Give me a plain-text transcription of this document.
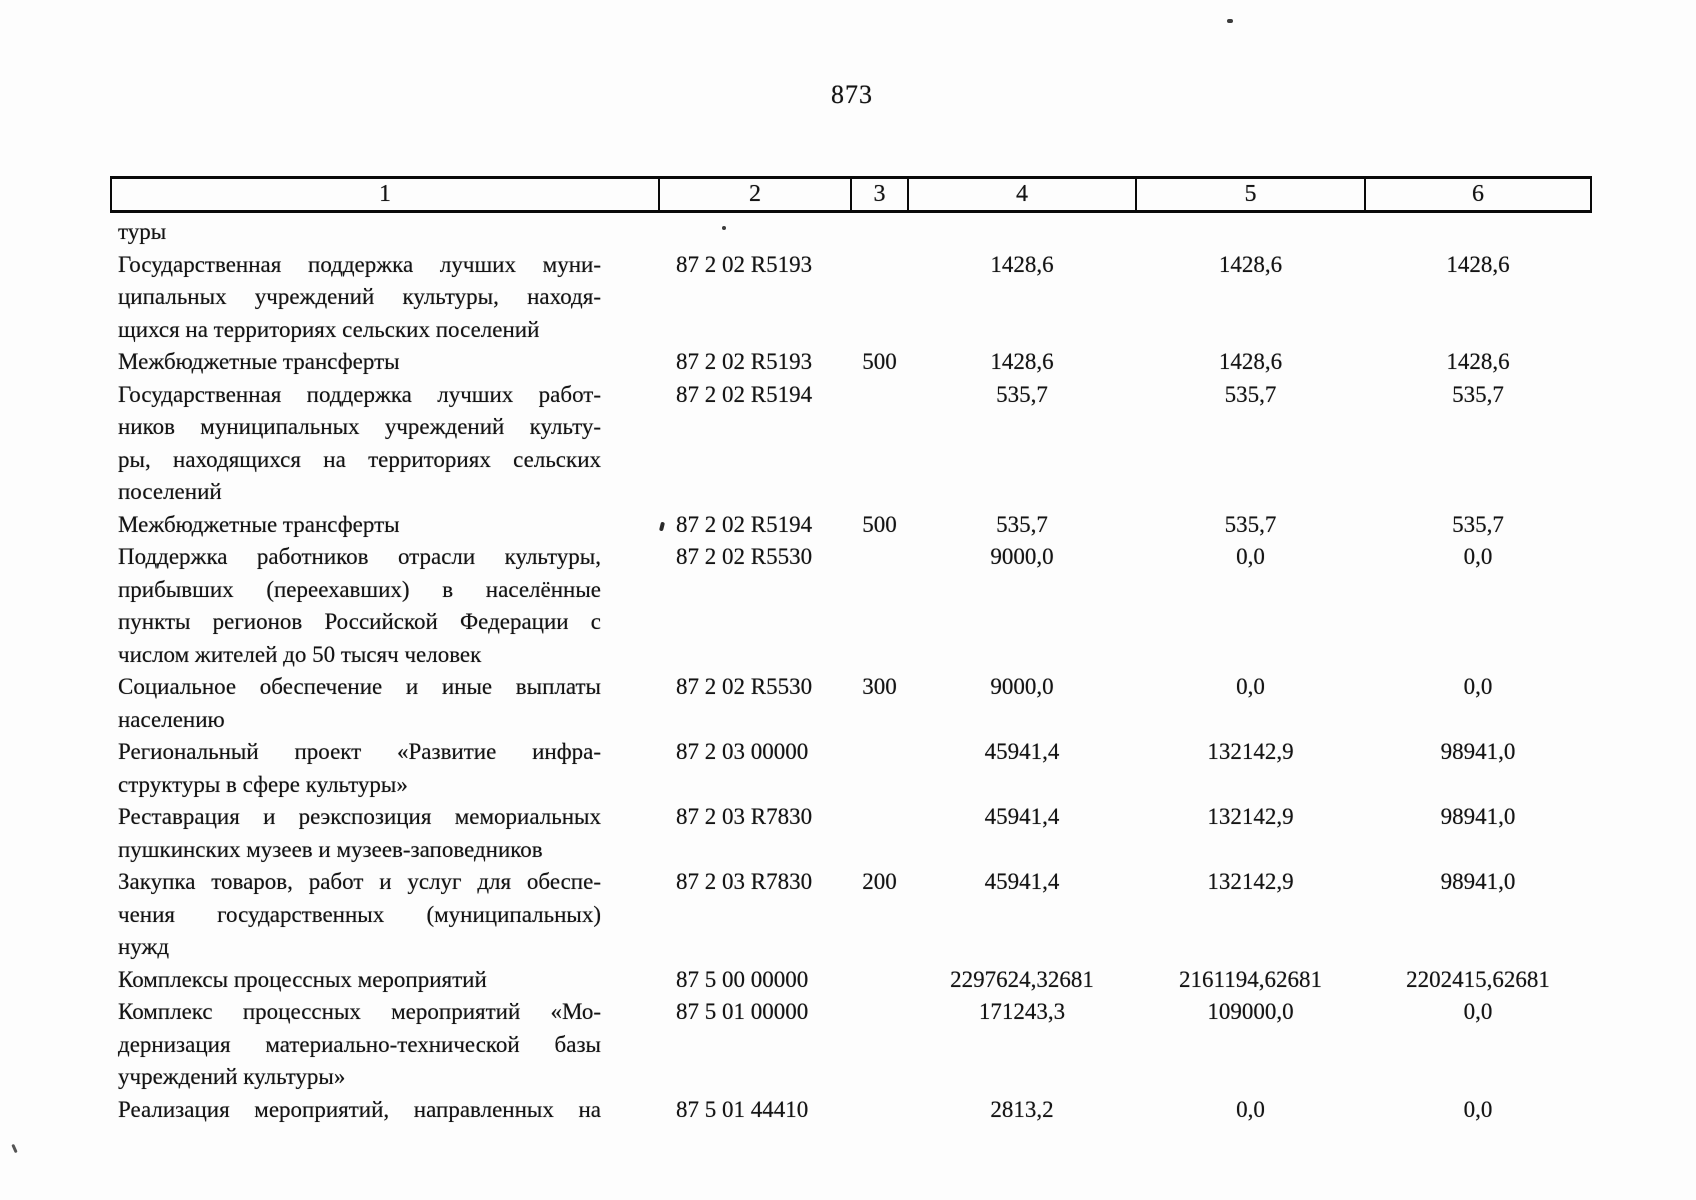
873
1	2	3	4	5	6

туры					

Государственная поддержка лучших муни-
ципальных учреждений культуры, находя-
щихся на территориях сельских поселений	87 2 02 R5193		1428,6	1428,6	1428,6

Межбюджетные трансферты	87 2 02 R5193	500	1428,6	1428,6	1428,6

Государственная поддержка лучших работ-
ников муниципальных учреждений культу-
ры, находящихся на территориях сельских
поселений	87 2 02 R5194		535,7	535,7	535,7

Межбюджетные трансферты	87 2 02 R5194	500	535,7	535,7	535,7

Поддержка работников отрасли культуры,
прибывших (переехавших) в населённые
пункты регионов Российской Федерации с
числом жителей до 50 тысяч человек	87 2 02 R5530		9000,0	0,0	0,0

Социальное обеспечение и иные выплаты
населению	87 2 02 R5530	300	9000,0	0,0	0,0

Региональный проект «Развитие инфра-
структуры в сфере культуры»	87 2 03 00000		45941,4	132142,9	98941,0

Реставрация и реэкспозиция мемориальных
пушкинских музеев и музеев-заповедников	87 2 03 R7830		45941,4	132142,9	98941,0

Закупка товаров, работ и услуг для обеспе-
чения государственных (муниципальных)
нужд	87 2 03 R7830	200	45941,4	132142,9	98941,0

Комплексы процессных мероприятий	87 5 00 00000		2297624,32681	2161194,62681	2202415,62681

Комплекс процессных мероприятий «Мо-
дернизация материально-технической базы
учреждений культуры»	87 5 01 00000		171243,3	109000,0	0,0

Реализация мероприятий, направленных на	87 5 01 44410		2813,2	0,0	0,0
